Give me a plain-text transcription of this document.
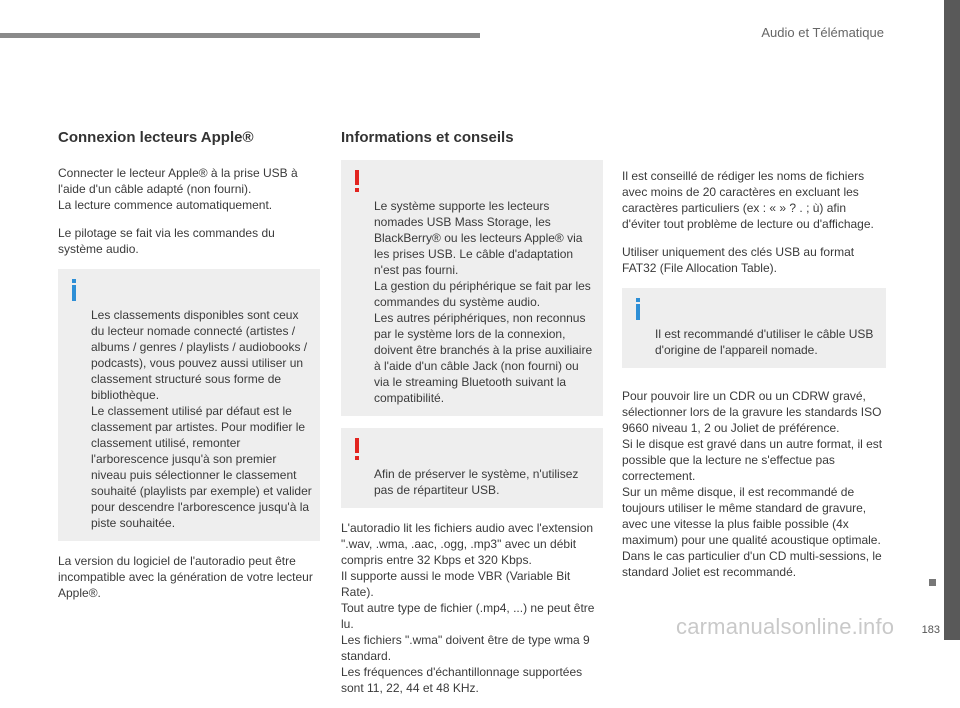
Audio et Télématique
183
carmanualsonline.info
Connexion lecteurs Apple®

Connecter le lecteur Apple® à la prise USB à l'aide d'un câble adapté (non fourni).
La lecture commence automatiquement.

Le pilotage se fait via les commandes du système audio.

Les classements disponibles sont ceux du lecteur nomade connecté (artistes / albums / genres / playlists / audiobooks / podcasts), vous pouvez aussi utiliser un classement structuré sous forme de bibliothèque.
Le classement utilisé par défaut est le classement par artistes. Pour modifier le classement utilisé, remonter l'arborescence jusqu'à son premier niveau puis sélectionner le classement souhaité (playlists par exemple) et valider pour descendre l'arborescence jusqu'à la piste souhaitée.

La version du logiciel de l'autoradio peut être incompatible avec la génération de votre lecteur Apple®.

Informations et conseils

Le système supporte les lecteurs nomades USB Mass Storage, les BlackBerry® ou les lecteurs Apple® via les prises USB. Le câble d'adaptation n'est pas fourni.
La gestion du périphérique se fait par les commandes du système audio.
Les autres périphériques, non reconnus par le système lors de la connexion, doivent être branchés à la prise auxiliaire à l'aide d'un câble Jack (non fourni) ou via le streaming Bluetooth suivant la compatibilité.

Afin de préserver le système, n'utilisez pas de répartiteur USB.

L'autoradio lit les fichiers audio avec l'extension ".wav, .wma, .aac, .ogg, .mp3" avec un débit compris entre 32 Kbps et 320 Kbps.
Il supporte aussi le mode VBR (Variable Bit Rate).
Tout autre type de fichier (.mp4, ...) ne peut être lu.
Les fichiers ".wma" doivent être de type wma 9 standard.
Les fréquences d'échantillonnage supportées sont 11, 22, 44 et 48 KHz.

Il est conseillé de rédiger les noms de fichiers avec moins de 20 caractères en excluant les caractères particuliers (ex : « » ? . ; ù) afin d'éviter tout problème de lecture ou d'affichage.

Utiliser uniquement des clés USB au format FAT32 (File Allocation Table).

Il est recommandé d'utiliser le câble USB d'origine de l'appareil nomade.

Pour pouvoir lire un CDR ou un CDRW gravé, sélectionner lors de la gravure les standards ISO 9660 niveau 1, 2 ou Joliet de préférence.
Si le disque est gravé dans un autre format, il est possible que la lecture ne s'effectue pas correctement.
Sur un même disque, il est recommandé de toujours utiliser le même standard de gravure, avec une vitesse la plus faible possible (4x maximum) pour une qualité acoustique optimale.
Dans le cas particulier d'un CD multi-sessions, le standard Joliet est recommandé.
